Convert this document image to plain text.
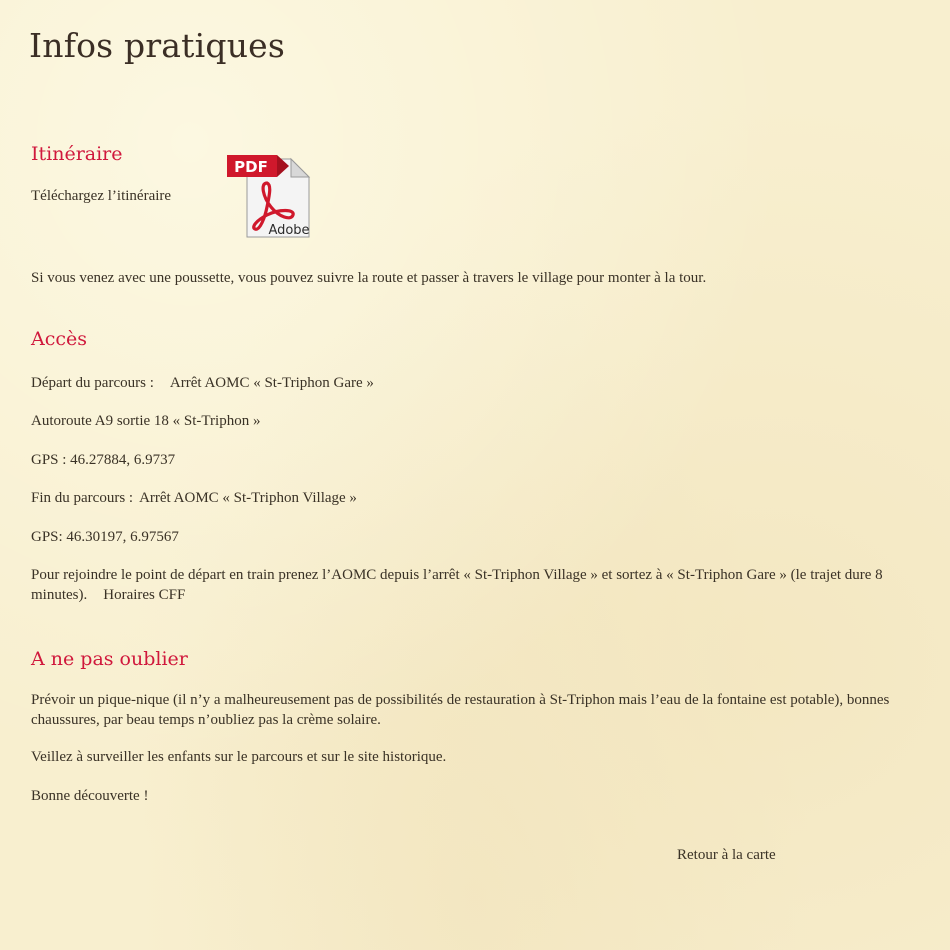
Infos pratiques
Itinéraire

Téléchargez l’itinéraire

PDF
Adobe

Si vous venez avec une poussette, vous pouvez suivre la route et passer à travers le village pour monter à la tour.

Accès

Départ du parcours : Arrêt AOMC « St-Triphon Gare »

Autoroute A9 sortie 18 « St-Triphon »

GPS : 46.27884, 6.9737

Fin du parcours : Arrêt AOMC « St-Triphon Village »

GPS: 46.30197, 6.97567

Pour rejoindre le point de départ en train prenez l’AOMC depuis l’arrêt « St-Triphon Village » et sortez à « St-Triphon Gare » (le trajet dure 8 minutes). Horaires CFF

A ne pas oublier

Prévoir un pique-nique (il n’y a malheureusement pas de possibilités de restauration à St-Triphon mais l’eau de la fontaine est potable), bonnes chaussures, par beau temps n’oubliez pas la crème solaire.

Veillez à surveiller les enfants sur le parcours et sur le site historique.

Bonne découverte !

Retour à la carte
